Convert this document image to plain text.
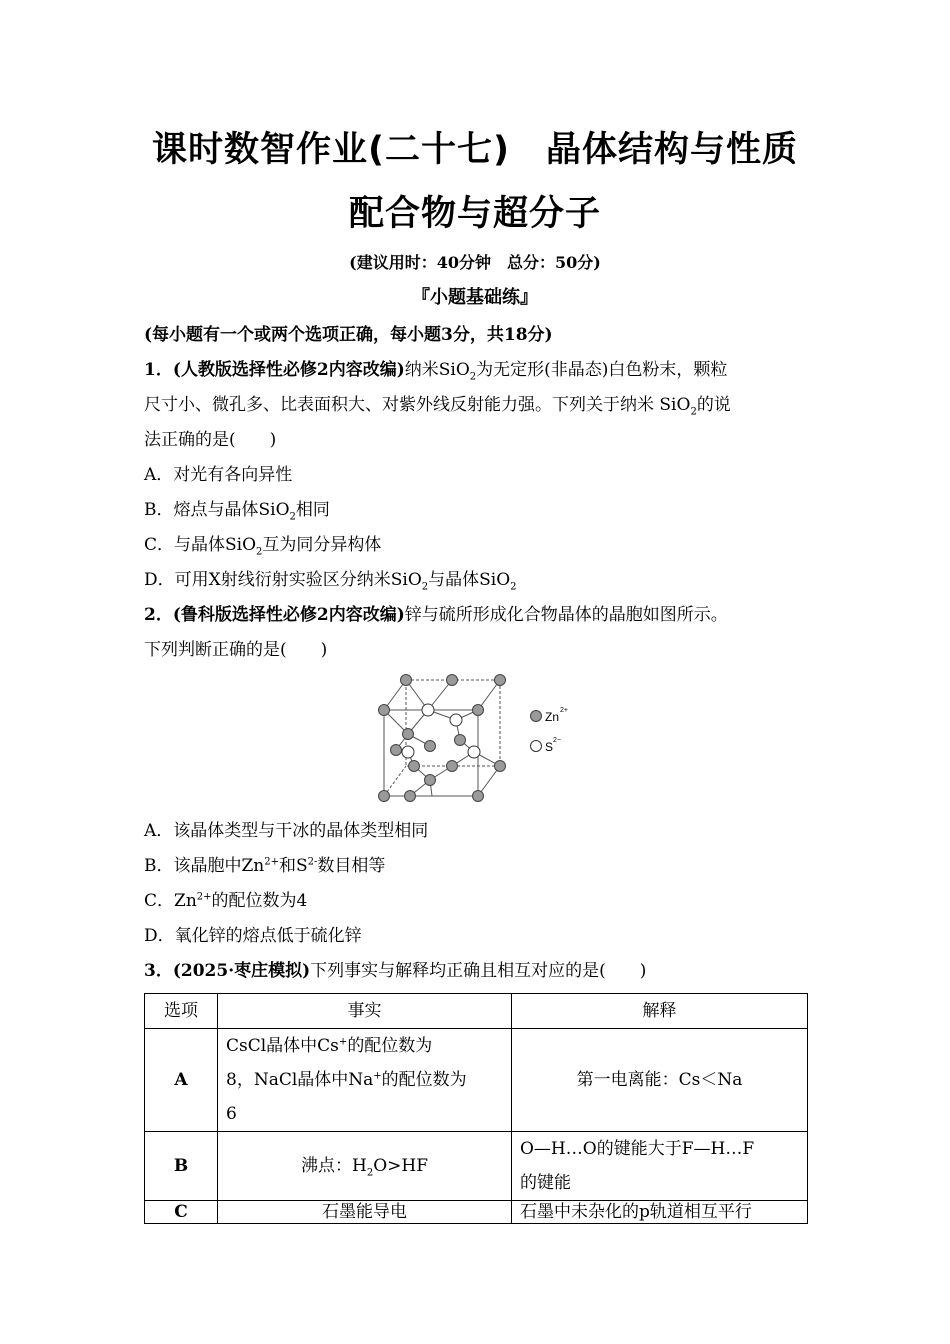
课时数智作业(二十七)　晶体结构与性质
配合物与超分子
(建议用时：40分钟　总分：50分)
『小题基础练』
(每小题有一个或两个选项正确，每小题3分，共18分)
1．(人教版选择性必修2内容改编)纳米SiO$_2$为无定形(非晶态)白色粉末，颗粒
尺寸小、微孔多、比表面积大、对紫外线反射能力强。下列关于纳米 SiO$_2$的说
法正确的是(　　)
A．对光有各向异性
B．熔点与晶体SiO$_2$相同
C．与晶体SiO$_2$互为同分异构体
D．可用X射线衍射实验区分纳米SiO$_2$与晶体SiO$_2$
2．(鲁科版选择性必修2内容改编)锌与硫所形成化合物晶体的晶胞如图所示。
下列判断正确的是(　　)
Zn 2+
S 2−
A．该晶体类型与干冰的晶体类型相同
B．该晶胞中$Zn^{2+}$和$S^{2-}$数目相等
C．$Zn^{2+}$的配位数为4
D．氧化锌的熔点低于硫化锌
3．(2025·枣庄模拟)下列事实与解释均正确且相互对应的是(　　)
选项	事实	解释
A	CsCl晶体中Cs+的配位数为
8，NaCl晶体中Na+的配位数为
6	第一电离能：Cs＜Na
B	沸点：$H_2O>HF$	O—H…O的键能大于F—H…F
的键能

C	石墨能导电	石墨中未杂化的p轨道相互平行
